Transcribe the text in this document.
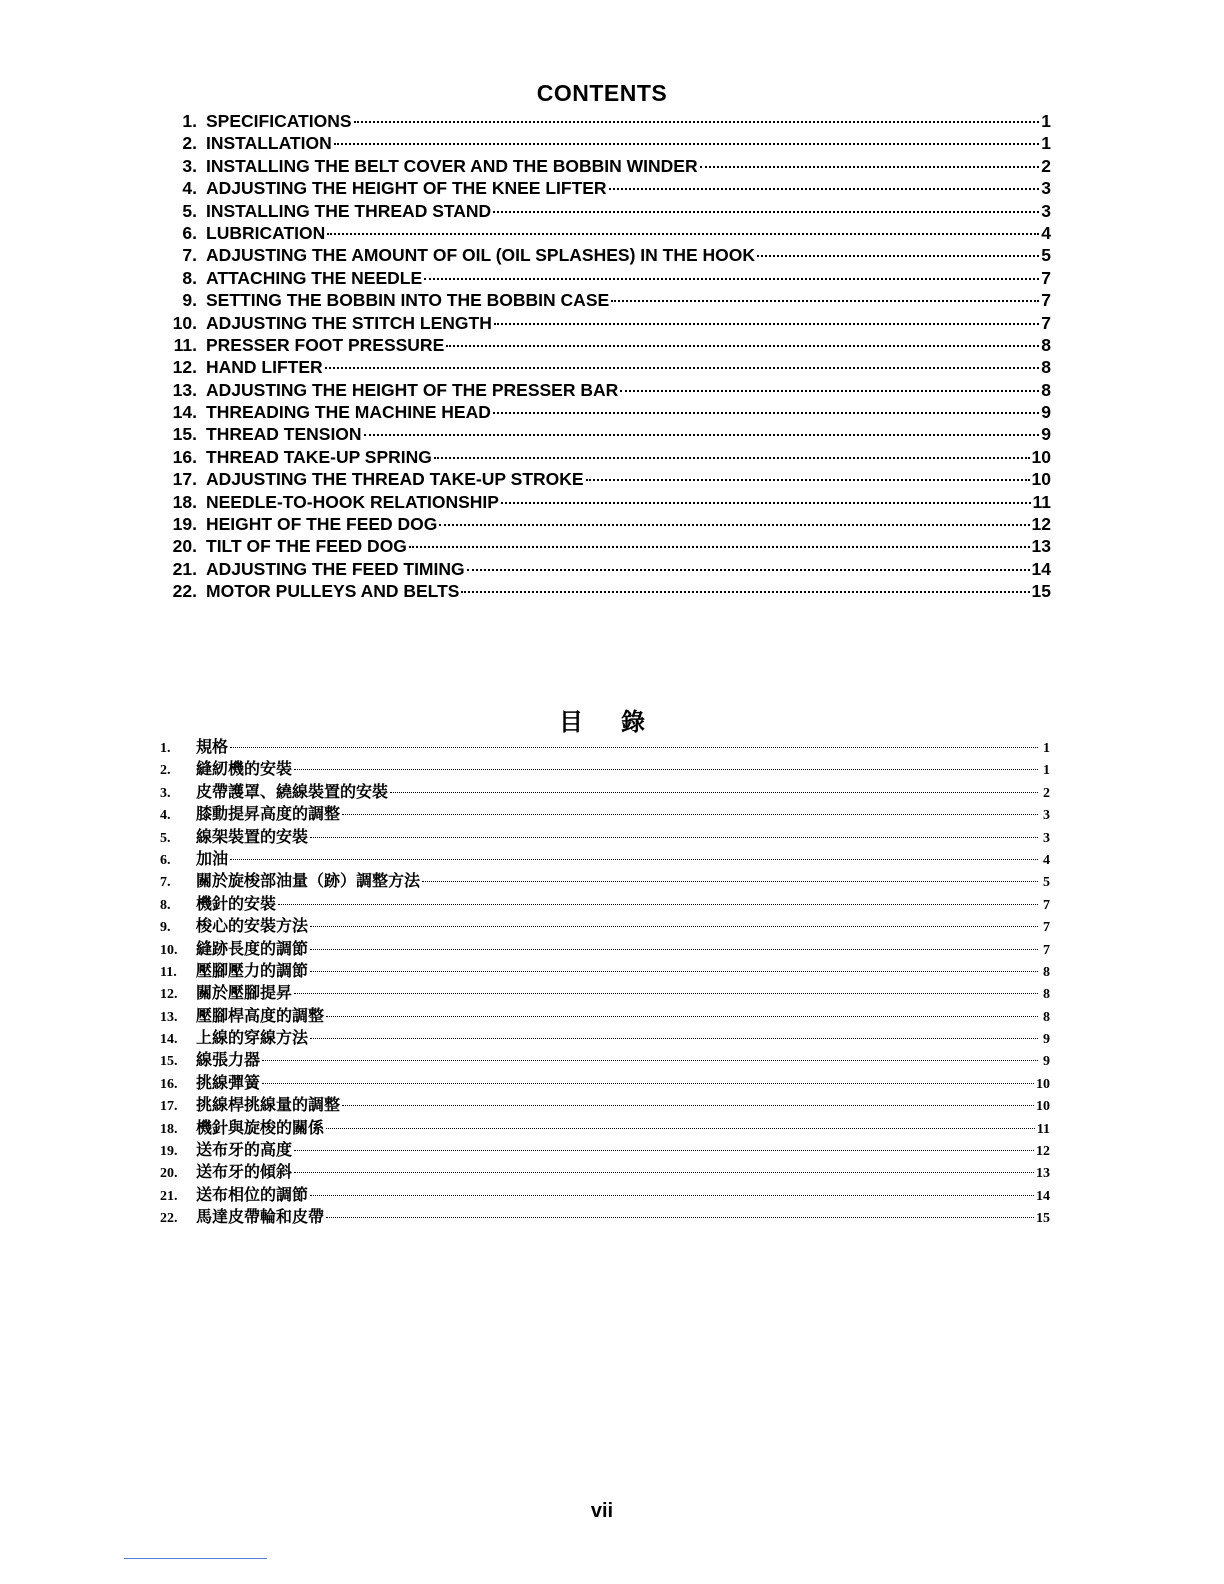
CONTENTS
1. SPECIFICATIONS	1
2. INSTALLATION	1
3. INSTALLING THE BELT COVER AND THE BOBBIN WINDER	2
4. ADJUSTING THE HEIGHT OF THE KNEE LIFTER	3
5. INSTALLING THE THREAD STAND	3
6. LUBRICATION	4
7. ADJUSTING THE AMOUNT OF OIL (OIL SPLASHES) IN THE HOOK	5
8. ATTACHING THE NEEDLE	7
9. SETTING THE BOBBIN INTO THE BOBBIN CASE	7
10. ADJUSTING THE STITCH LENGTH	7
11. PRESSER FOOT PRESSURE	8
12. HAND LIFTER	8
13. ADJUSTING THE HEIGHT OF THE PRESSER BAR	8
14. THREADING THE MACHINE HEAD	9
15. THREAD TENSION	9
16. THREAD TAKE-UP SPRING	10
17. ADJUSTING THE THREAD TAKE-UP STROKE	10
18. NEEDLE-TO-HOOK RELATIONSHIP	11
19. HEIGHT OF THE FEED DOG	12
20. TILT OF THE FEED DOG	13
21. ADJUSTING THE FEED TIMING	14
22. MOTOR PULLEYS AND BELTS	15
目錄
1.	規格	1
2.	縫紉機的安裝	1
3.	皮帶護罩、繞線裝置的安裝	2
4.	膝動提昇高度的調整	3
5.	線架裝置的安裝	3
6.	加油	4
7.	關於旋梭部油量（跡）調整方法	5
8.	機針的安裝	7
9.	梭心的安裝方法	7
10.	縫跡長度的調節	7
11.	壓腳壓力的調節	8
12.	關於壓腳提昇	8
13.	壓腳桿高度的調整	8
14.	上線的穿線方法	9
15.	線張力器	9
16.	挑線彈簧	10
17.	挑線桿挑線量的調整	10
18.	機針與旋梭的關係	11
19.	送布牙的高度	12
20.	送布牙的傾斜	13
21.	送布相位的調節	14
22.	馬達皮帶輪和皮帶	15
vii
